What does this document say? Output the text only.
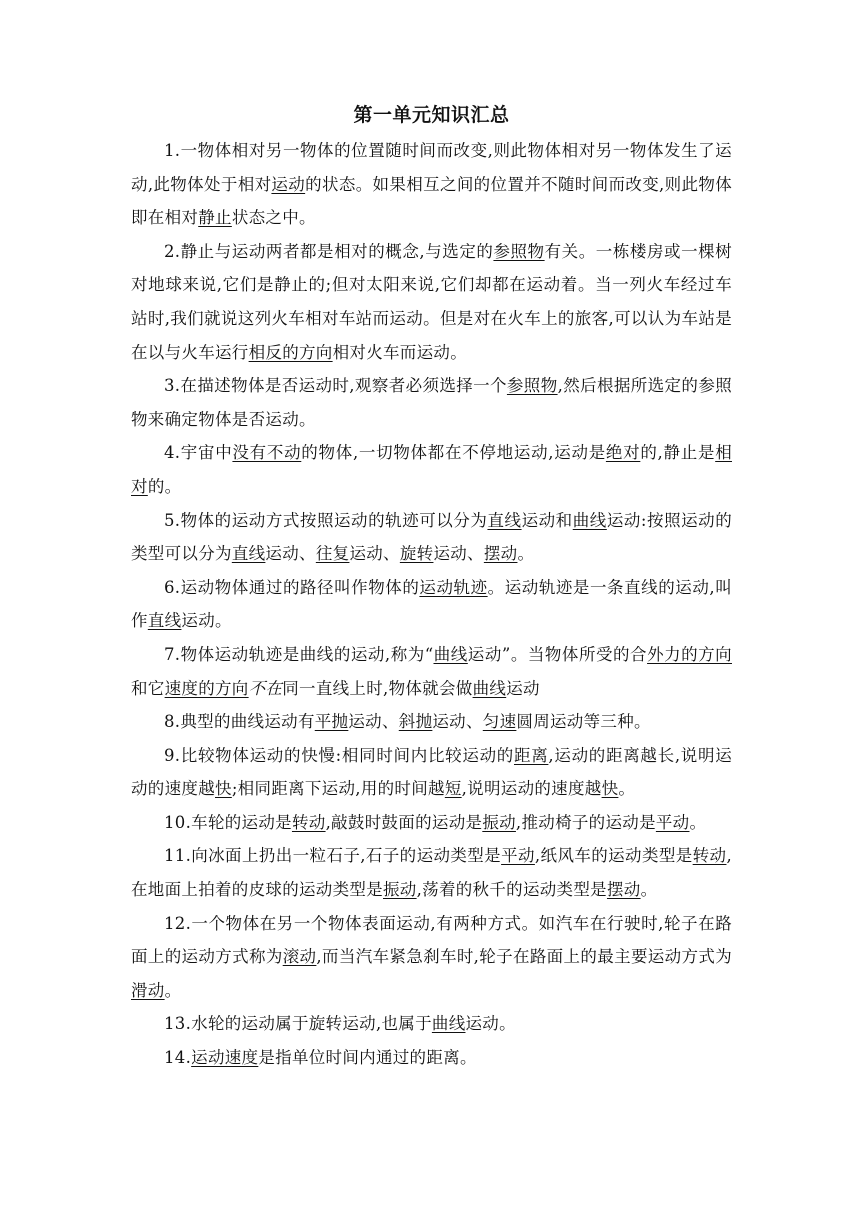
第一单元知识汇总

1.一物体相对另一物体的位置随时间而改变,则此物体相对另一物体发生了运动,此物体处于相对运动的状态。如果相互之间的位置并不随时间而改变,则此物体即在相对静止状态之中。

2.静止与运动两者都是相对的概念,与选定的参照物有关。一栋楼房或一棵树对地球来说,它们是静止的;但对太阳来说,它们却都在运动着。当一列火车经过车站时,我们就说这列火车相对车站而运动。但是对在火车上的旅客,可以认为车站是在以与火车运行相反的方向相对火车而运动。

3.在描述物体是否运动时,观察者必须选择一个参照物,然后根据所选定的参照物来确定物体是否运动。

4.宇宙中没有不动的物体,一切物体都在不停地运动,运动是绝对的,静止是相对的。

5.物体的运动方式按照运动的轨迹可以分为直线运动和曲线运动:按照运动的类型可以分为直线运动、往复运动、旋转运动、摆动。

6.运动物体通过的路径叫作物体的运动轨迹。运动轨迹是一条直线的运动,叫作直线运动。

7.物体运动轨迹是曲线的运动,称为“曲线运动”。当物体所受的合外力的方向和它速度的方向不在同一直线上时,物体就会做曲线运动

8.典型的曲线运动有平抛运动、斜抛运动、匀速圆周运动等三种。

9.比较物体运动的快慢:相同时间内比较运动的距离,运动的距离越长,说明运动的速度越快;相同距离下运动,用的时间越短,说明运动的速度越快。

10.车轮的运动是转动,敲鼓时鼓面的运动是振动,推动椅子的运动是平动。

11.向冰面上扔出一粒石子,石子的运动类型是平动,纸风车的运动类型是转动,在地面上拍着的皮球的运动类型是振动,荡着的秋千的运动类型是摆动。

12.一个物体在另一个物体表面运动,有两种方式。如汽车在行驶时,轮子在路面上的运动方式称为滚动,而当汽车紧急刹车时,轮子在路面上的最主要运动方式为滑动。

13.水轮的运动属于旋转运动,也属于曲线运动。

14.运动速度是指单位时间内通过的距离。
